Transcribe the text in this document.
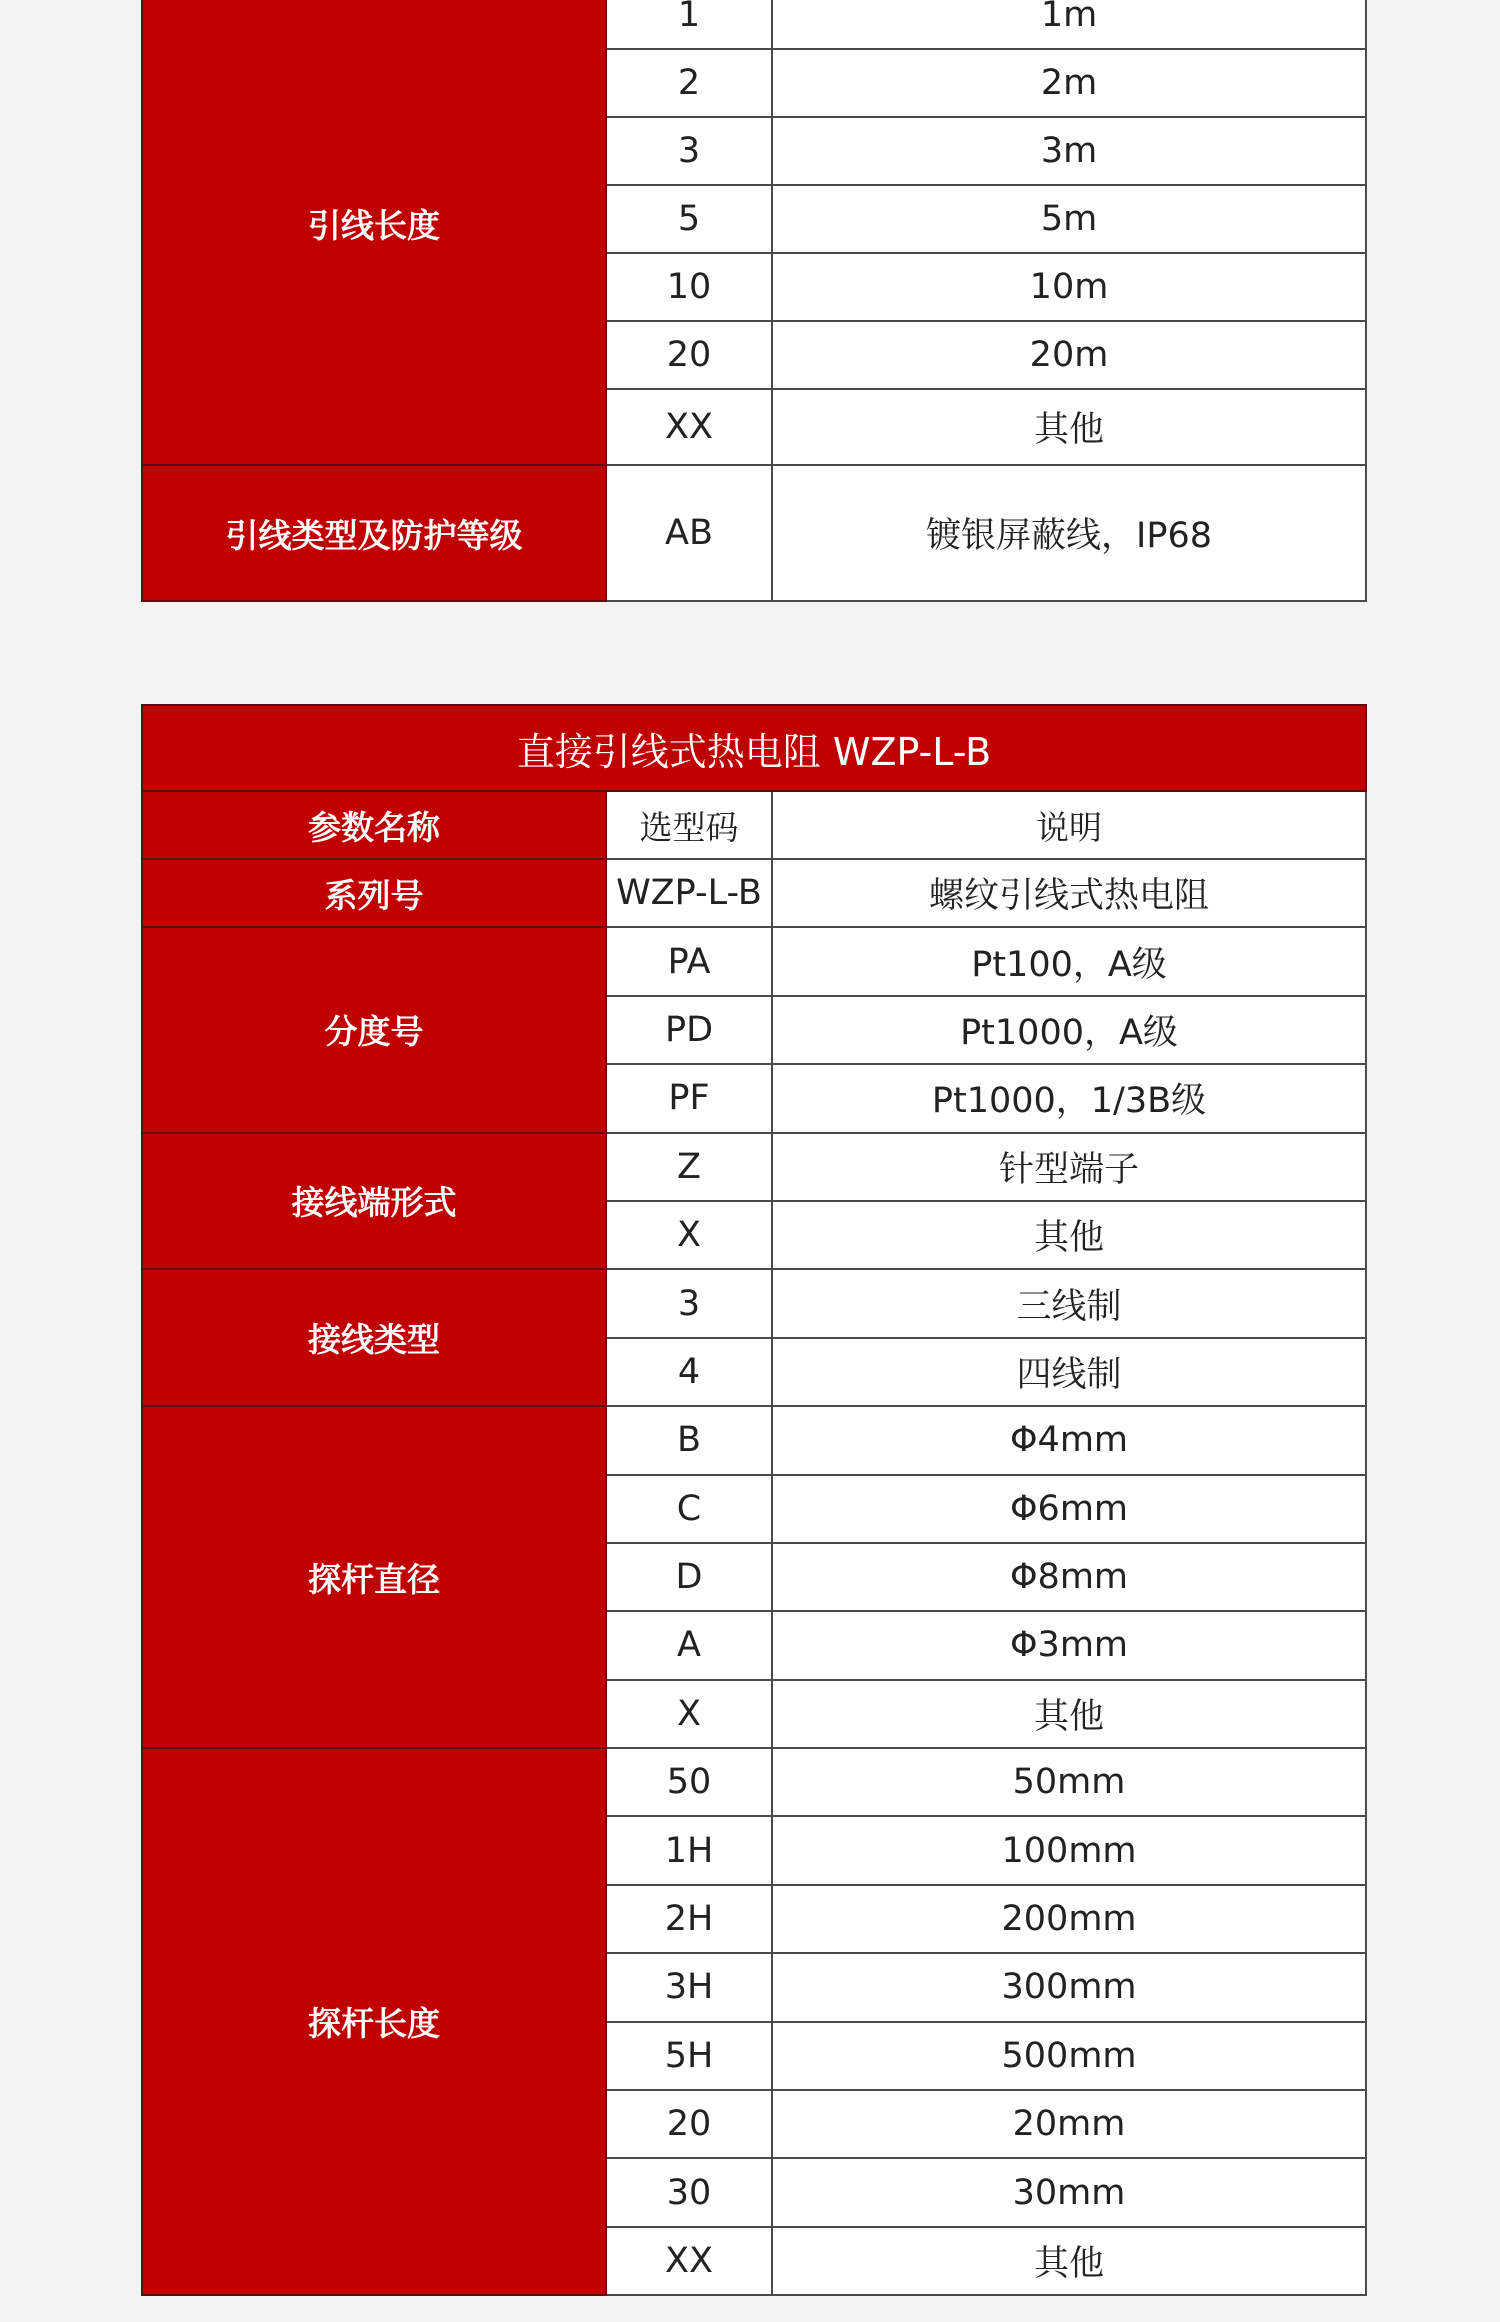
引线长度	1	1m
	2	2m
	3	3m
	5	5m
	10	10m
	20	20m
	XX	其他
引线类型及防护等级	AB	镀银屏蔽线，IP68
直接引线式热电阻 WZP-L-B		
参数名称	选型码	说明
系列号	WZP-L-B	螺纹引线式热电阻
分度号	PA	Pt100，A级
	PD	Pt1000，A级
	PF	Pt1000，1/3B级
接线端形式	Z	针型端子
	X	其他
接线类型	3	三线制
	4	四线制
探杆直径	B	Φ4mm
	C	Φ6mm
	D	Φ8mm
	A	Φ3mm
	X	其他
探杆长度	50	50mm
	1H	100mm
	2H	200mm
	3H	300mm
	5H	500mm
	20	20mm
	30	30mm
	XX	其他
